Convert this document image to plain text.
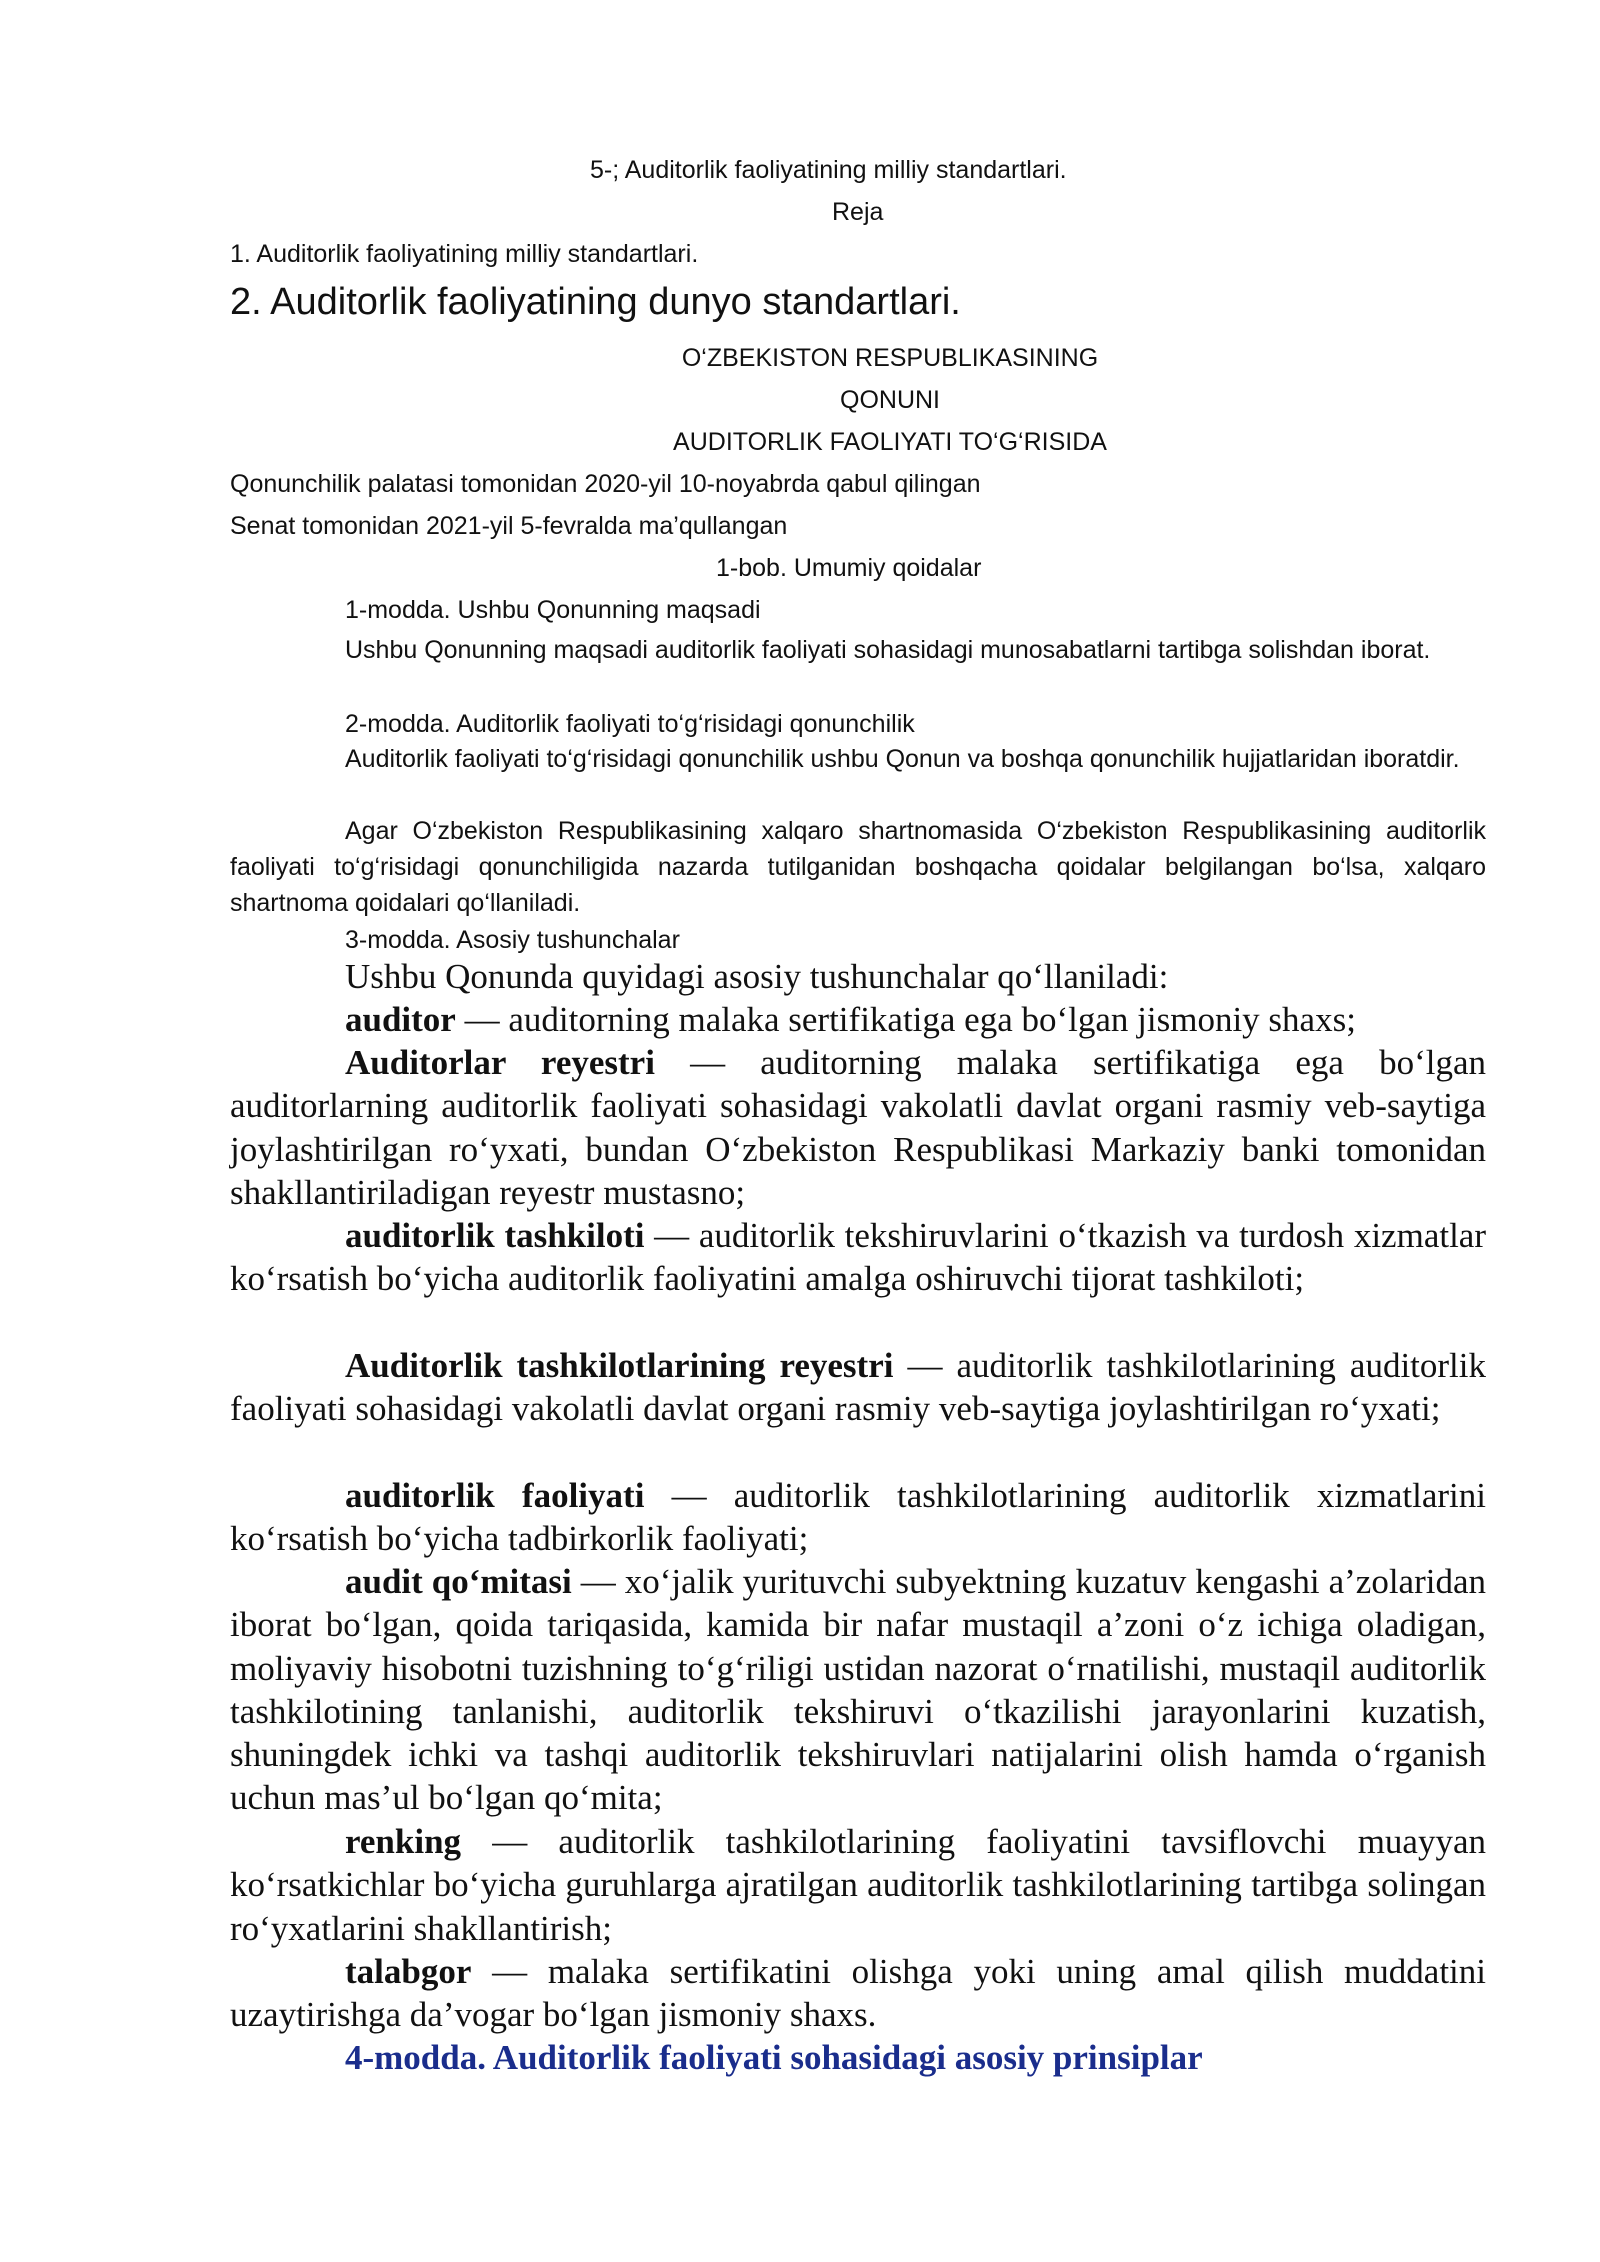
5-; Auditorlik faoliyatining milliy standartlari.
Reja
1. Auditorlik faoliyatining milliy standartlari.
2. Auditorlik faoliyatining dunyo standartlari.
O‘ZBEKISTON RESPUBLIKASINING
QONUNI
AUDITORLIK FAOLIYATI TO‘G‘RISIDA
Qonunchilik palatasi tomonidan 2020-yil 10-noyabrda qabul qilingan
Senat tomonidan 2021-yil 5-fevralda ma’qullangan
1-bob. Umumiy qoidalar
1-modda. Ushbu Qonunning maqsadi
Ushbu Qonunning maqsadi auditorlik faoliyati sohasidagi munosabatlarni tartibga solishdan iborat.
2-modda. Auditorlik faoliyati to‘g‘risidagi qonunchilik
Auditorlik faoliyati to‘g‘risidagi qonunchilik ushbu Qonun va boshqa qonunchilik hujjatlaridan iboratdir.
Agar O‘zbekiston Respublikasining xalqaro shartnomasida O‘zbekiston Respublikasining auditorlik faoliyati to‘g‘risidagi qonunchiligida nazarda tutilganidan boshqacha qoidalar belgilangan bo‘lsa, xalqaro shartnoma qoidalari qo‘llaniladi.
3-modda. Asosiy tushunchalar
Ushbu Qonunda quyidagi asosiy tushunchalar qo‘llaniladi:
auditor — auditorning malaka sertifikatiga ega bo‘lgan jismoniy shaxs;
Auditorlar reyestri — auditorning malaka sertifikatiga ega bo‘lgan auditorlarning auditorlik faoliyati sohasidagi vakolatli davlat organi rasmiy veb-saytiga joylashtirilgan ro‘yxati, bundan O‘zbekiston Respublikasi Markaziy banki tomonidan shakllantiriladigan reyestr mustasno;
auditorlik tashkiloti — auditorlik tekshiruvlarini o‘tkazish va turdosh xizmatlar ko‘rsatish bo‘yicha auditorlik faoliyatini amalga oshiruvchi tijorat tashkiloti;
Auditorlik tashkilotlarining reyestri — auditorlik tashkilotlarining auditorlik faoliyati sohasidagi vakolatli davlat organi rasmiy veb-saytiga joylashtirilgan ro‘yxati;
auditorlik faoliyati — auditorlik tashkilotlarining auditorlik xizmatlarini ko‘rsatish bo‘yicha tadbirkorlik faoliyati;
audit qo‘mitasi — xo‘jalik yurituvchi subyektning kuzatuv kengashi a’zolaridan iborat bo‘lgan, qoida tariqasida, kamida bir nafar mustaqil a’zoni o‘z ichiga oladigan, moliyaviy hisobotni tuzishning to‘g‘riligi ustidan nazorat o‘rnatilishi, mustaqil auditorlik tashkilotining tanlanishi, auditorlik tekshiruvi o‘tkazilishi jarayonlarini kuzatish, shuningdek ichki va tashqi auditorlik tekshiruvlari natijalarini olish hamda o‘rganish uchun mas’ul bo‘lgan qo‘mita;
renking — auditorlik tashkilotlarining faoliyatini tavsiflovchi muayyan ko‘rsatkichlar bo‘yicha guruhlarga ajratilgan auditorlik tashkilotlarining tartibga solingan ro‘yxatlarini shakllantirish;
talabgor — malaka sertifikatini olishga yoki uning amal qilish muddatini uzaytirishga da’vogar bo‘lgan jismoniy shaxs.
4-modda. Auditorlik faoliyati sohasidagi asosiy prinsiplar
